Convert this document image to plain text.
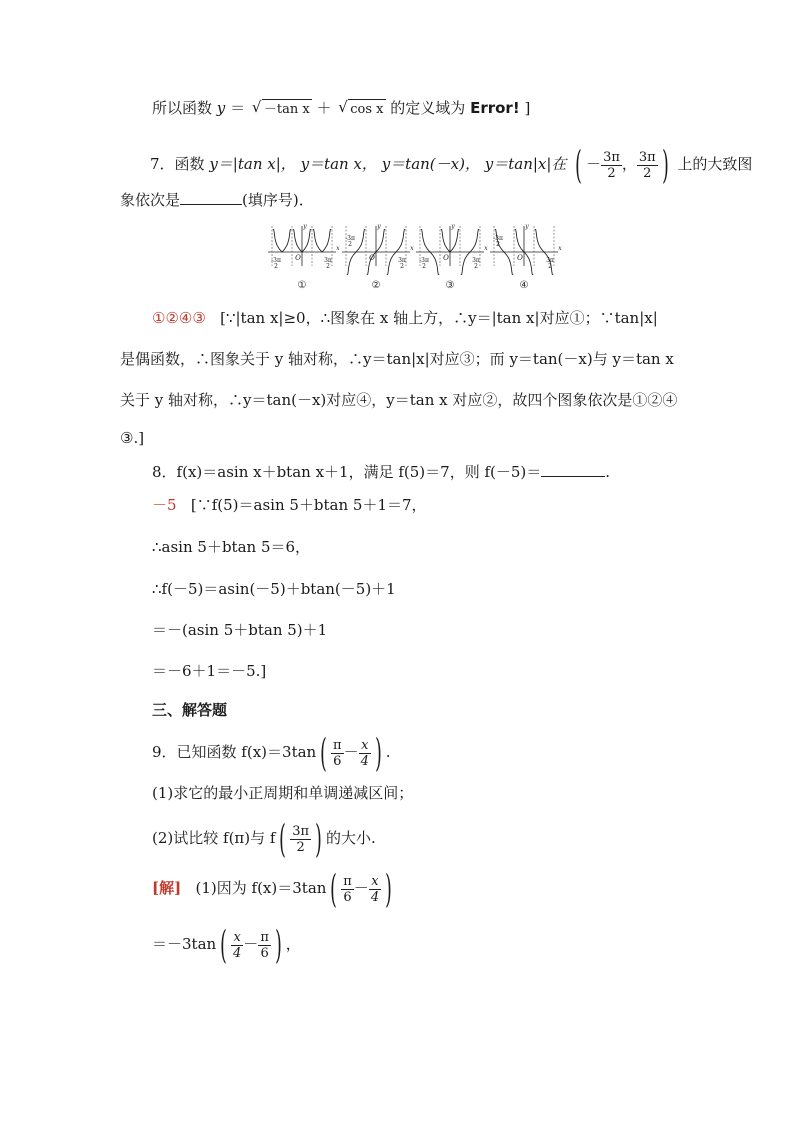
所以函数 y ＝ √ －tan x ＋ √ cos x 的定义域为 Error! ]
7．函数 y＝|tan x|， y＝tan x， y＝tan(－x)， y＝tan|x|在 ( － $\frac{3\pi}{2}$ ， $\frac{3\pi}{2}$ ) 上的大致图
象依次是	(填序号)．
x
y
O
-3π
2
3π
2
①
x
y
O
-3π
2
3π
2
②
x
y
O
-3π
2
3π
2
③
x
y
O
-3π
2
3π
2
④
①②④③ [∵|tan x|≥0，∴图象在 x 轴上方，∴y＝|tan x|对应①；∵tan|x|
是偶函数，∴图象关于 y 轴对称，∴y＝tan|x|对应③；而 y＝tan(－x)与 y＝tan x
关于 y 轴对称，∴y＝tan(－x)对应④，y＝tan x 对应②，故四个图象依次是①②④
③.]
8．f(x)＝asin x＋btan x＋1，满足 f(5)＝7，则 f(－5)＝	.
－5 [∵f(5)＝asin 5＋btan 5＋1＝7，
∴asin 5＋btan 5＝6，
∴f(－5)＝asin(－5)＋btan(－5)＋1
＝－(asin 5＋btan 5)＋1
＝－6＋1＝－5.]
三、解答题
9．已知函数 f(x)＝3tan ( $\frac{\pi}{6} - \frac{x}{4}$ ) .
(1)求它的最小正周期和单调递减区间；
(2)试比较 f(π)与 f ( $\frac{3\pi}{2}$ ) 的大小.
[解] (1)因为 f(x)＝3tan ( $\frac{\pi}{6} - \frac{x}{4}$ )
＝－3tan ( $\frac{x}{4} - \frac{\pi}{6}$ ) ，
